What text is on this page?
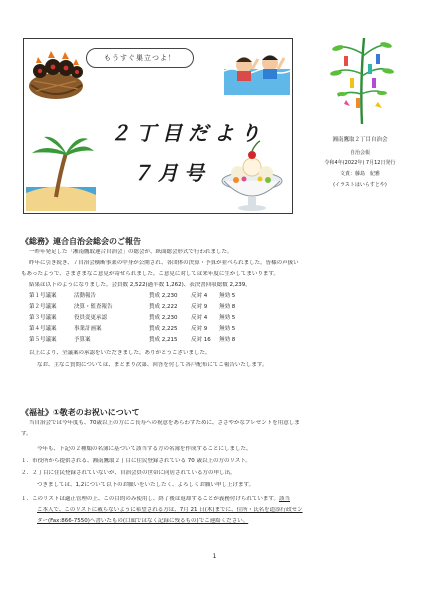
もうすぐ巣立つよ！
２丁目だより
７月号
湘南鷹取２丁目自治会
自治会報
令和4年(2022年) 7月12日発行
文責：藤島　紀雅
(イラストはいらすとや)
《総務》連合自治会総会のご報告
一昨年発足した「湘南鷹取連合自治会」の総会が、紙面総会形式で行われました。
昨年に引き続き、７自治会横断事業の中身が公開され、各団体の決算・予算が並べられました。皆様の声扱い
もあったようで、さまざまなご意見が寄せられました。ご意見に対しては来年度に生かしてまいります。
結果は以下のようになりました。会員数 2,522(過半数 1,262)、表決書回収総数 2,239。
第１号議案	活動報告	賛成 2,230 反対 4 無効 5
第２号議案	決算・監査報告	賛成 2,222 反対 9 無効 8
第３号議案	役員変更承認	賛成 2,230 反対 4 無効 5
第４号議案	事業計画案	賛成 2,225 反対 9 無効 5
第５号議案	予算案	賛成 2,215 反対 16 無効 8
以上により、全議案の承認をいただきました。ありがとうございました。
なお、主なご質問については、まとまり次第、回答を付して各戸配布にてご報告いたします。
《福祉》①敬老のお祝いについて
当自治会では今年度も、70歳以上の方にご長寿への祝意をあらわすために、ささやかなプレゼントを用意しま
す。
今年も、下記の２種類の名簿に基づいて該当する方の名簿を作成することにしました。
１．市役所から提供される、湘南鷹取２丁目に住民登録されている 70 歳以上の方のリスト。
２．２丁目に住民登録されていないが、自治会員の世帯に同居されている方の申し出。
つきましては、1,2について以下のお願いをいたしたく、よろしくお願い申し上げます。
１．このリストは適正管理の上、この目的のみ使用し、終了後は返却することが義務付けられています。該当
ご本人で、このリストに載らないように希望される方は、7月 21 日(木)までに、住所・氏名を道添行政セン
ター(Fax:866-7550)へ書いたもの(口頭ではなく記録に残るもの)でご連絡ください。
1
